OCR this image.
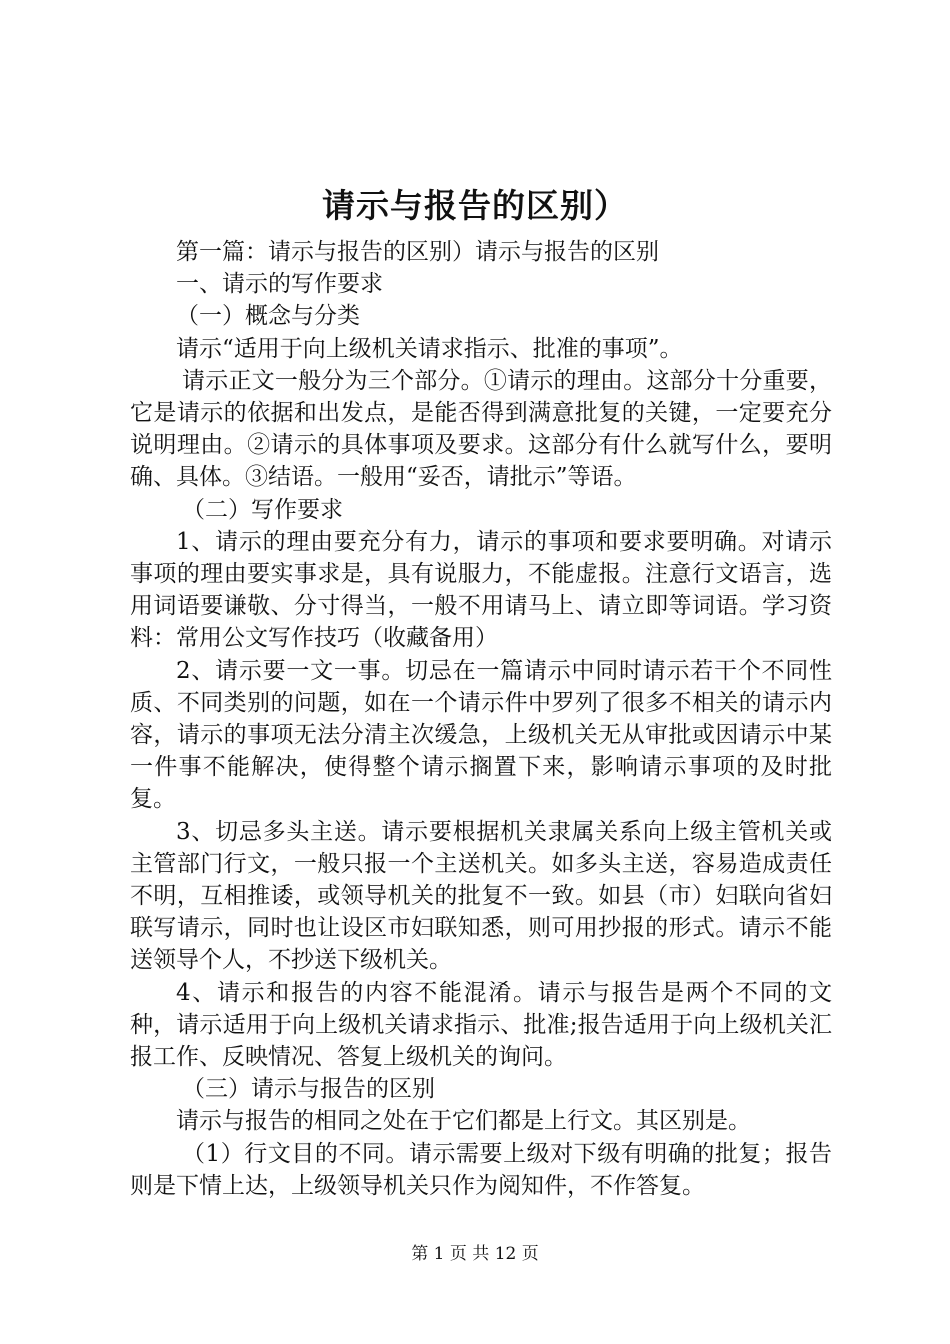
请示与报告的区别）

第一篇：请示与报告的区别）请示与报告的区别

一、请示的写作要求

（一）概念与分类

请示“适用于向上级机关请求指示、批准的事项”。

请示正文一般分为三个部分。①请示的理由。这部分十分重要，它是请示的依据和出发点，是能否得到满意批复的关键，一定要充分说明理由。②请示的具体事项及要求。这部分有什么就写什么，要明确、具体。③结语。一般用“妥否，请批示”等语。

（二）写作要求

1、请示的理由要充分有力，请示的事项和要求要明确。对请示事项的理由要实事求是，具有说服力，不能虚报。注意行文语言，选用词语要谦敬、分寸得当，一般不用请马上、请立即等词语。学习资料：常用公文写作技巧（收藏备用）

2、请示要一文一事。切忌在一篇请示中同时请示若干个不同性质、不同类别的问题，如在一个请示件中罗列了很多不相关的请示内容，请示的事项无法分清主次缓急，上级机关无从审批或因请示中某一件事不能解决，使得整个请示搁置下来，影响请示事项的及时批复。

3、切忌多头主送。请示要根据机关隶属关系向上级主管机关或主管部门行文，一般只报一个主送机关。如多头主送，容易造成责任不明，互相推诿，或领导机关的批复不一致。如县（市）妇联向省妇联写请示，同时也让设区市妇联知悉，则可用抄报的形式。请示不能送领导个人，不抄送下级机关。

4、请示和报告的内容不能混淆。请示与报告是两个不同的文种，请示适用于向上级机关请求指示、批准;报告适用于向上级机关汇报工作、反映情况、答复上级机关的询问。

（三）请示与报告的区别

请示与报告的相同之处在于它们都是上行文。其区别是。

（1）行文目的不同。请示需要上级对下级有明确的批复；报告则是下情上达，上级领导机关只作为阅知件，不作答复。

第 1 页 共 12 页
